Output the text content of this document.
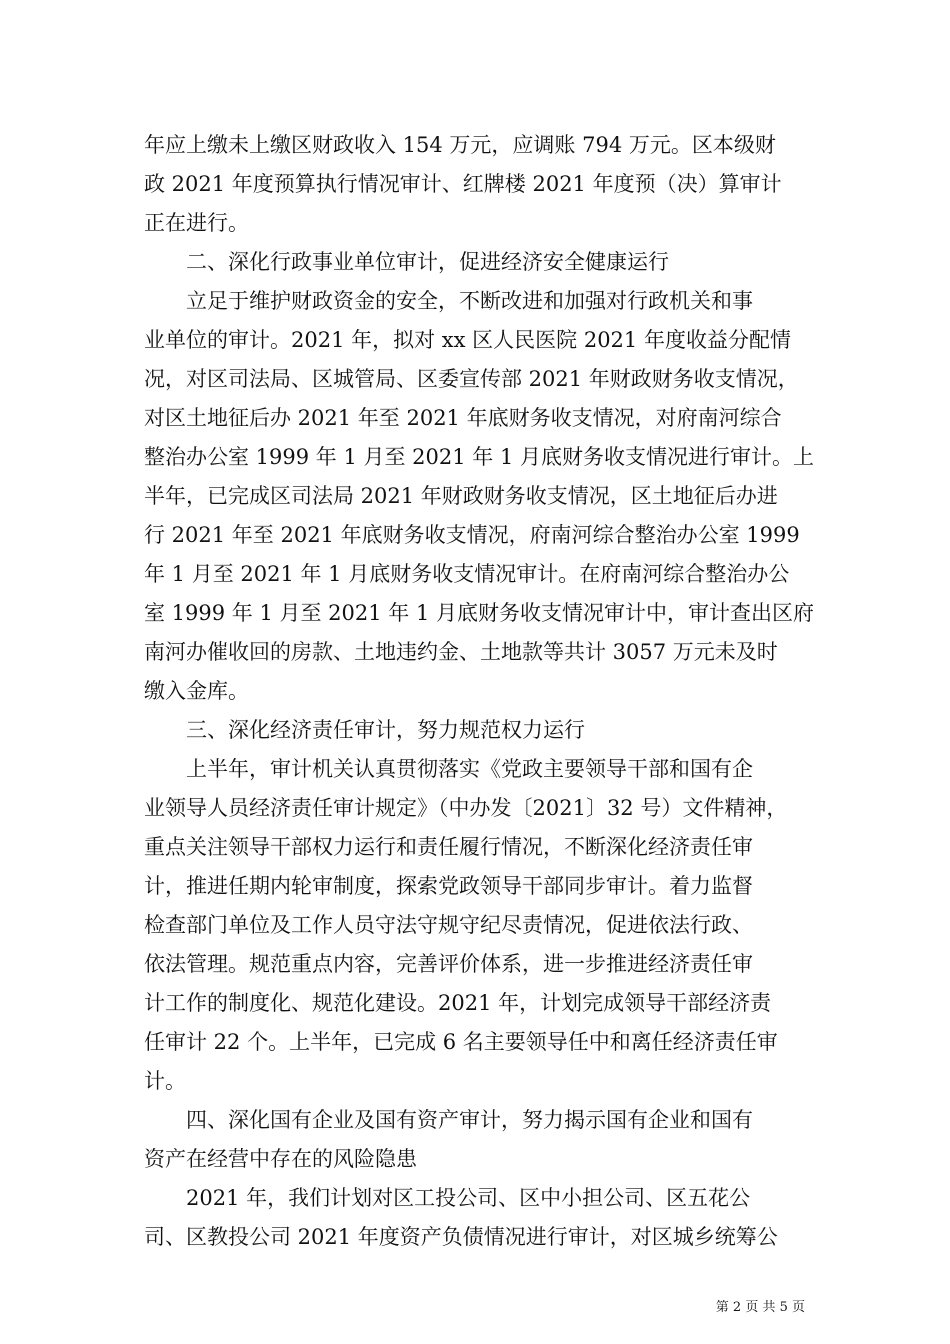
年应上缴未上缴区财政收入 154 万元，应调账 794 万元。区本级财
政 2021 年度预算执行情况审计、红牌楼 2021 年度预（决）算审计
正在进行。
二、深化行政事业单位审计，促进经济安全健康运行
立足于维护财政资金的安全，不断改进和加强对行政机关和事
业单位的审计。2021 年，拟对 xx 区人民医院 2021 年度收益分配情
况，对区司法局、区城管局、区委宣传部 2021 年财政财务收支情况，
对区土地征后办 2021 年至 2021 年底财务收支情况，对府南河综合
整治办公室 1999 年 1 月至 2021 年 1 月底财务收支情况进行审计。上
半年，已完成区司法局 2021 年财政财务收支情况，区土地征后办进
行 2021 年至 2021 年底财务收支情况，府南河综合整治办公室 1999
年 1 月至 2021 年 1 月底财务收支情况审计。在府南河综合整治办公
室 1999 年 1 月至 2021 年 1 月底财务收支情况审计中，审计查出区府
南河办催收回的房款、土地违约金、土地款等共计 3057 万元未及时
缴入金库。
三、深化经济责任审计，努力规范权力运行
上半年，审计机关认真贯彻落实《党政主要领导干部和国有企
业领导人员经济责任审计规定》（中办发〔2021〕32 号）文件精神，
重点关注领导干部权力运行和责任履行情况，不断深化经济责任审
计，推进任期内轮审制度，探索党政领导干部同步审计。着力监督
检查部门单位及工作人员守法守规守纪尽责情况，促进依法行政、
依法管理。规范重点内容，完善评价体系，进一步推进经济责任审
计工作的制度化、规范化建设。2021 年，计划完成领导干部经济责
任审计 22 个。上半年，已完成 6 名主要领导任中和离任经济责任审
计。
四、深化国有企业及国有资产审计，努力揭示国有企业和国有
资产在经营中存在的风险隐患
2021 年，我们计划对区工投公司、区中小担公司、区五花公
司、区教投公司 2021 年度资产负债情况进行审计，对区城乡统筹公
第 2 页 共 5 页
